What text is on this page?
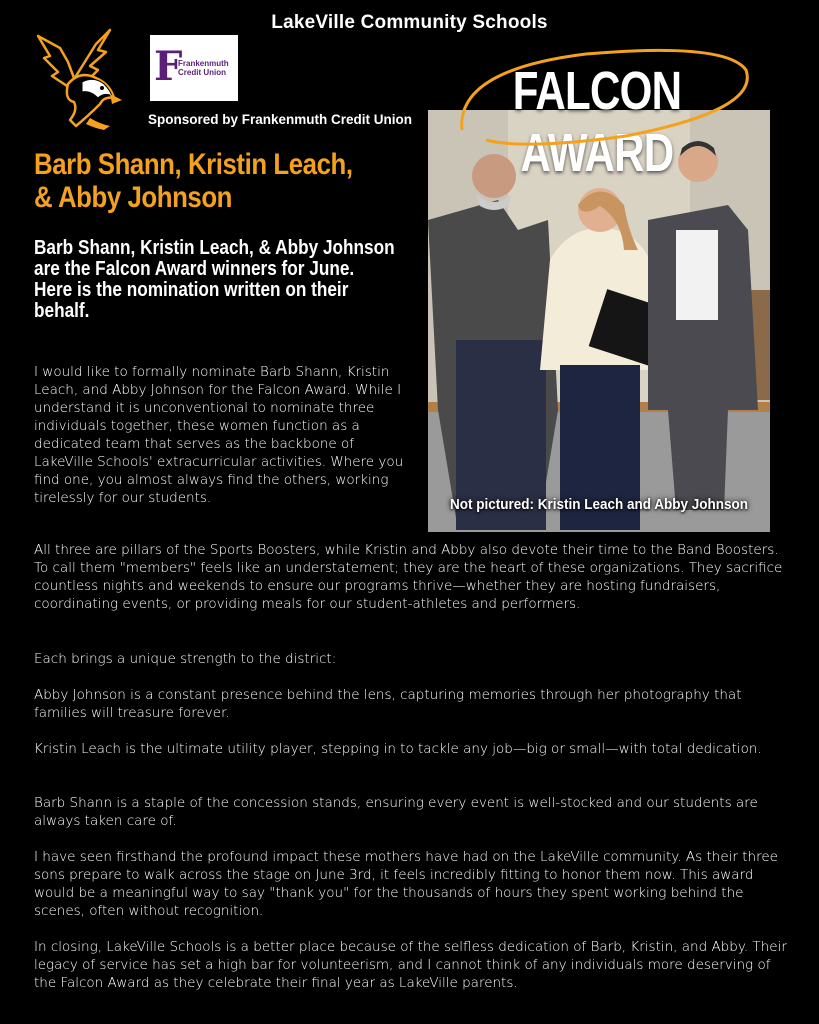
LakeVille Community Schools
F
Frankenmuth
Credit Union
Sponsored by Frankenmuth Credit Union
Barb Shann, Kristin Leach,
& Abby Johnson
Barb Shann, Kristin Leach, & Abby Johnson are the Falcon Award winners for June. Here is the nomination written on their behalf.
I would like to formally nominate Barb Shann, Kristin Leach, and Abby Johnson for the Falcon Award. While I understand it is unconventional to nominate three individuals together, these women function as a dedicated team that serves as the backbone of LakeVille Schools' extracurricular activities. Where you find one, you almost always find the others, working tirelessly for our students.
FALCON AWARD
Not pictured: Kristin Leach and Abby Johnson
All three are pillars of the Sports Boosters, while Kristin and Abby also devote their time to the Band Boosters. To call them "members" feels like an understatement; they are the heart of these organizations. They sacrifice countless nights and weekends to ensure our programs thrive—whether they are hosting fundraisers, coordinating events, or providing meals for our student-athletes and performers.
Each brings a unique strength to the district:
Abby Johnson is a constant presence behind the lens, capturing memories through her photography that families will treasure forever.
Kristin Leach is the ultimate utility player, stepping in to tackle any job—big or small—with total dedication.
Barb Shann is a staple of the concession stands, ensuring every event is well-stocked and our students are always taken care of.
I have seen firsthand the profound impact these mothers have had on the LakeVille community. As their three sons prepare to walk across the stage on June 3rd, it feels incredibly fitting to honor them now. This award would be a meaningful way to say "thank you" for the thousands of hours they spent working behind the scenes, often without recognition.
In closing, LakeVille Schools is a better place because of the selfless dedication of Barb, Kristin, and Abby. Their legacy of service has set a high bar for volunteerism, and I cannot think of any individuals more deserving of the Falcon Award as they celebrate their final year as LakeVille parents.
